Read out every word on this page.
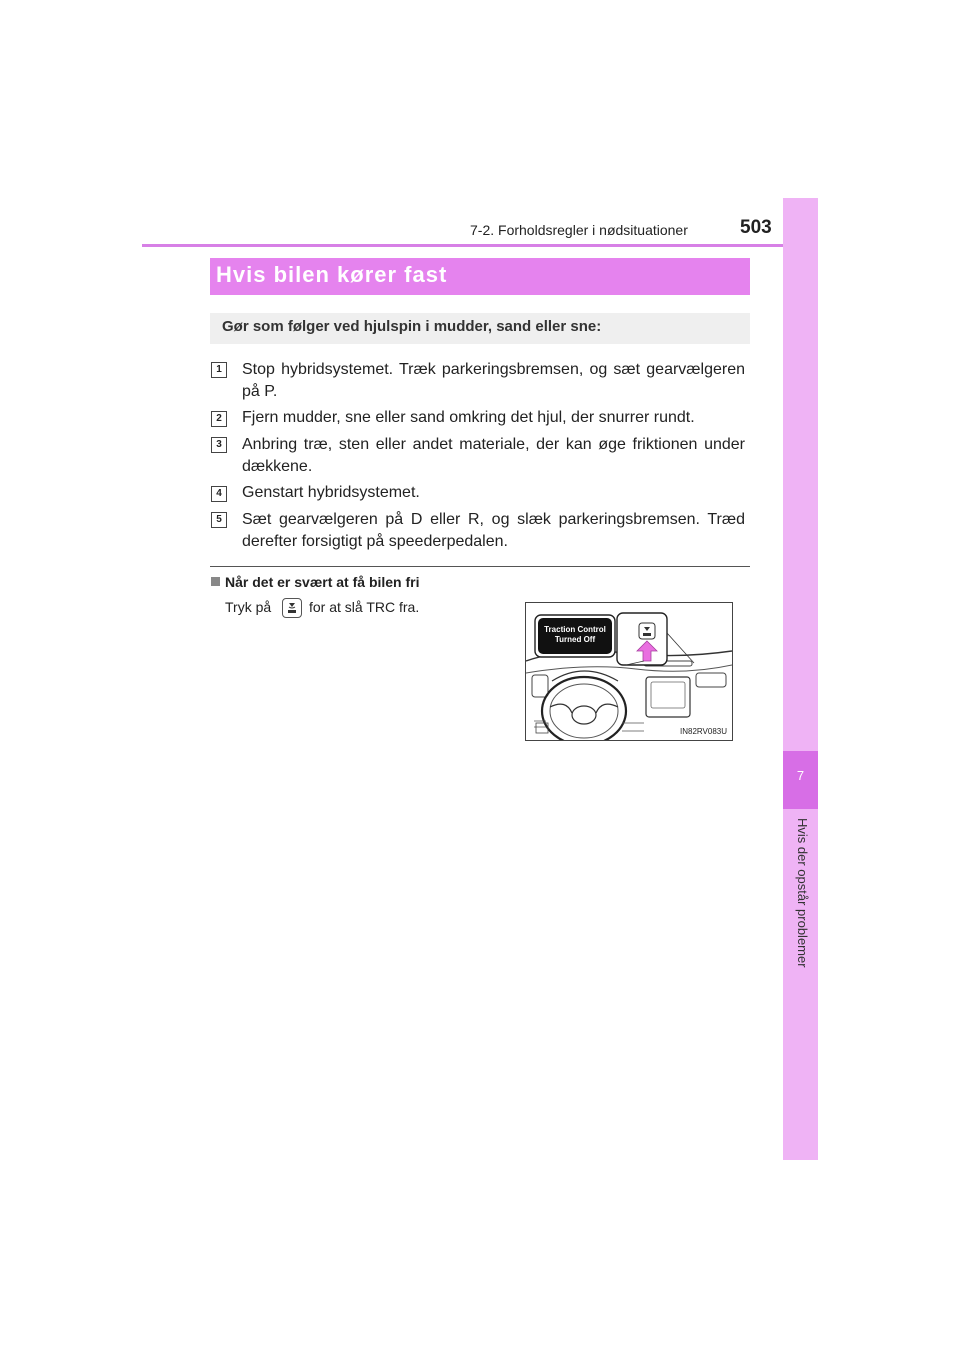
7-2. Forholdsregler i nødsituationer	503
7
Hvis der opstår problemer
Hvis bilen kører fast
Gør som følger ved hjulspin i mudder, sand eller sne:
1	Stop hybridsystemet. Træk parkeringsbremsen, og sæt gearvælgeren på P.
2	Fjern mudder, sne eller sand omkring det hjul, der snurrer rundt.
3	Anbring træ, sten eller andet materiale, der kan øge friktionen under dækkene.
4	Genstart hybridsystemet.
5	Sæt gearvælgeren på D eller R, og slæk parkeringsbremsen. Træd derefter forsigtigt på speederpedalen.
Når det er svært at få bilen fri
Tryk på	for at slå TRC fra.
Traction Control
Turned Off
IN82RV083U
